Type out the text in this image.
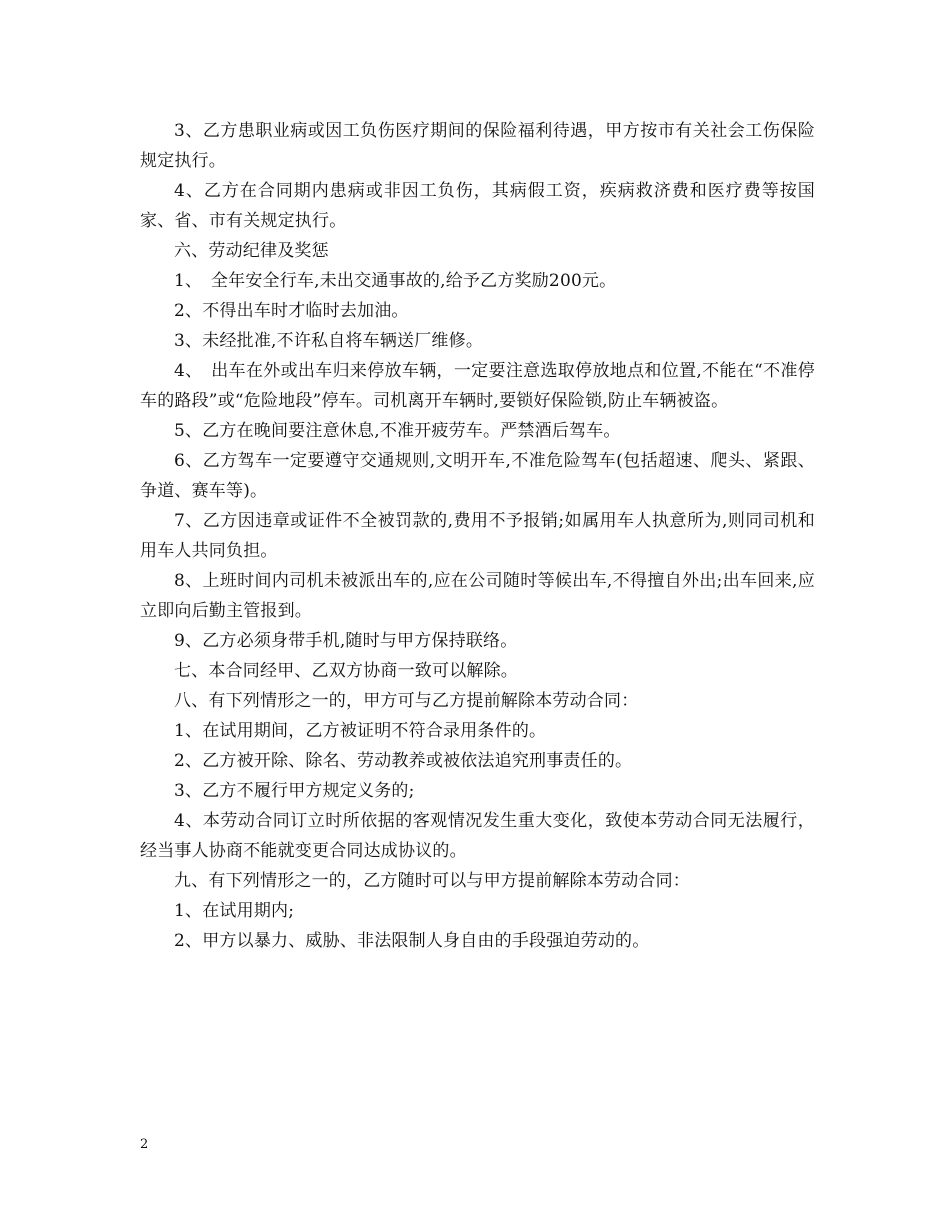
3、乙方患职业病或因工负伤医疗期间的保险福利待遇，甲方按市有关社会工伤保险规定执行。

4、乙方在合同期内患病或非因工负伤，其病假工资，疾病救济费和医疗费等按国家、省、市有关规定执行。

六、劳动纪律及奖惩

1、　全年安全行车,未出交通事故的,给予乙方奖励200元。

2、不得出车时才临时去加油。

3、未经批准,不许私自将车辆送厂维修。

4、　出车在外或出车归来停放车辆，一定要注意选取停放地点和位置,不能在“不准停车的路段”或“危险地段”停车。司机离开车辆时,要锁好保险锁,防止车辆被盗。

5、乙方在晚间要注意休息,不准开疲劳车。严禁酒后驾车。

6、乙方驾车一定要遵守交通规则,文明开车,不准危险驾车(包括超速、爬头、紧跟、争道、赛车等)。

7、乙方因违章或证件不全被罚款的,费用不予报销;如属用车人执意所为,则同司机和用车人共同负担。

8、上班时间内司机未被派出车的,应在公司随时等候出车,不得擅自外出;出车回来,应立即向后勤主管报到。

9、乙方必须身带手机,随时与甲方保持联络。

七、本合同经甲、乙双方协商一致可以解除。

八、有下列情形之一的，甲方可与乙方提前解除本劳动合同：

1、在试用期间，乙方被证明不符合录用条件的。

2、乙方被开除、除名、劳动教养或被依法追究刑事责任的。

3、乙方不履行甲方规定义务的;

4、本劳动合同订立时所依据的客观情况发生重大变化，致使本劳动合同无法履行，经当事人协商不能就变更合同达成协议的。

九、有下列情形之一的，乙方随时可以与甲方提前解除本劳动合同：

1、在试用期内;

2、甲方以暴力、威胁、非法限制人身自由的手段强迫劳动的。

2
